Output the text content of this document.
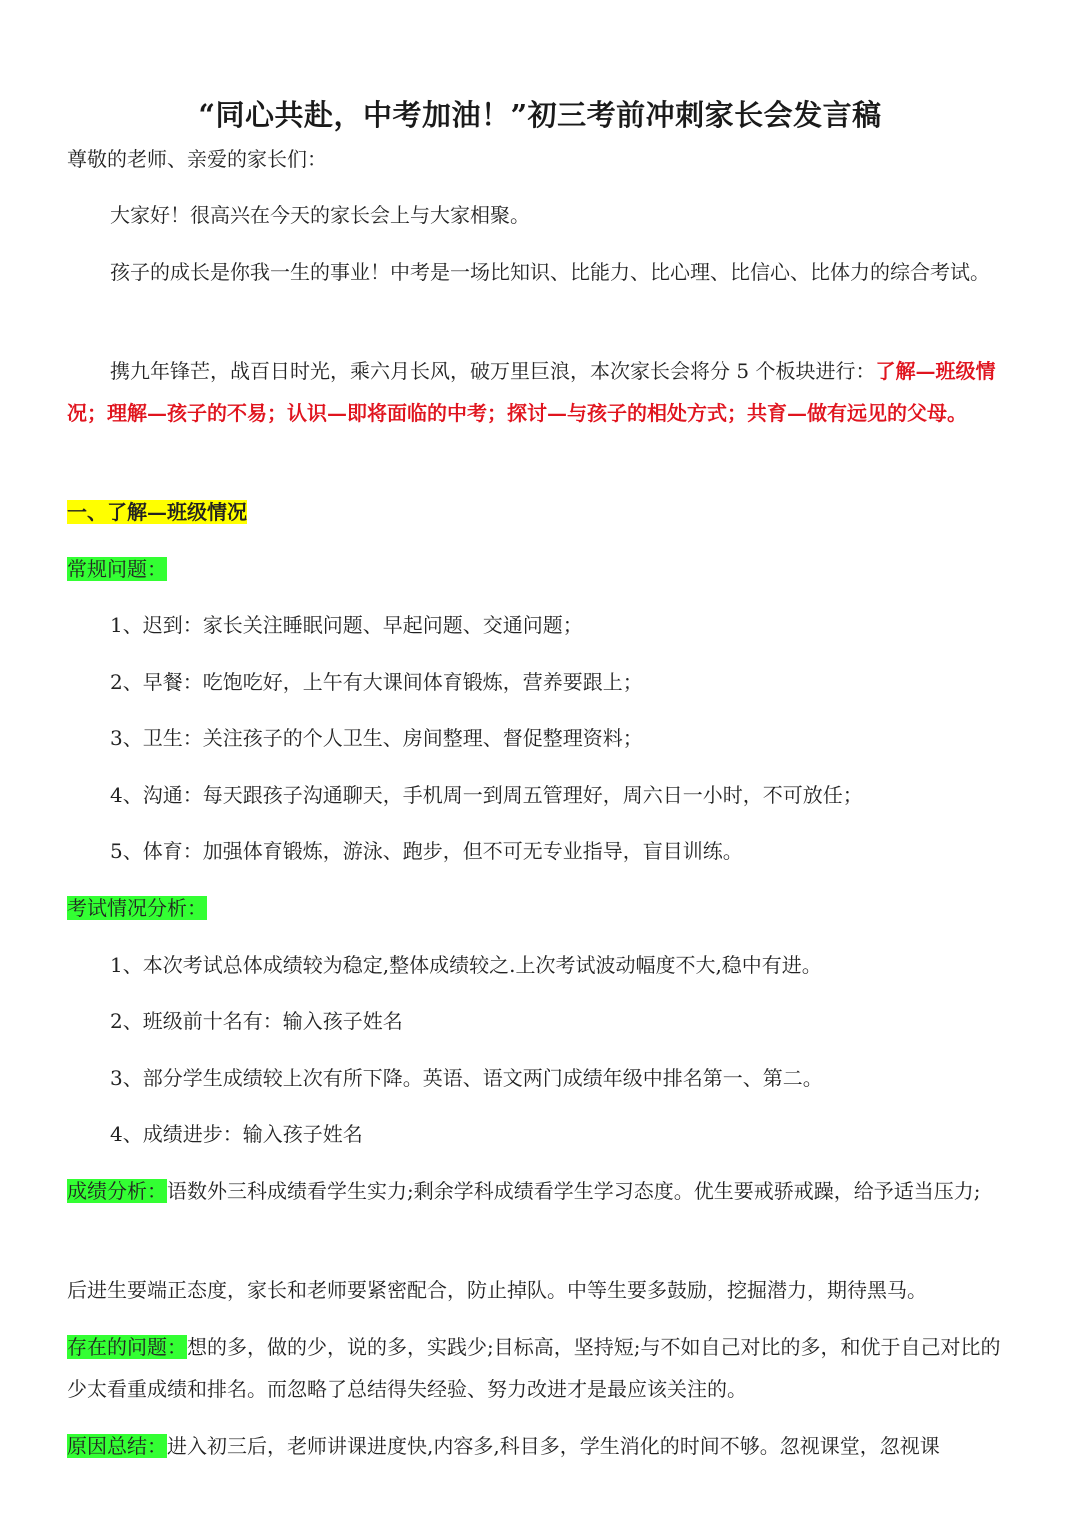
“同心共赴，中考加油！”初三考前冲刺家长会发言稿

尊敬的老师、亲爱的家长们：

大家好！很高兴在今天的家长会上与大家相聚。

孩子的成长是你我一生的事业！中考是一场比知识、比能力、比心理、比信心、比体力的综合考试。

携九年锋芒，战百日时光，乘六月长风，破万里巨浪，本次家长会将分 5 个板块进行：了解—班级情况；理解—孩子的不易；认识—即将面临的中考；探讨—与孩子的相处方式；共育—做有远见的父母。

一、了解—班级情况

常规问题：

1、迟到：家长关注睡眠问题、早起问题、交通问题；

2、早餐：吃饱吃好，上午有大课间体育锻炼，营养要跟上；

3、卫生：关注孩子的个人卫生、房间整理、督促整理资料；

4、沟通：每天跟孩子沟通聊天，手机周一到周五管理好，周六日一小时，不可放任；

5、体育：加强体育锻炼，游泳、跑步，但不可无专业指导，盲目训练。

考试情况分析：

1、本次考试总体成绩较为稳定,整体成绩较之.上次考试波动幅度不大,稳中有进。

2、班级前十名有：输入孩子姓名

3、部分学生成绩较上次有所下降。英语、语文两门成绩年级中排名第一、第二。

4、成绩进步：输入孩子姓名

成绩分析：语数外三科成绩看学生实力;剩余学科成绩看学生学习态度。优生要戒骄戒躁，给予适当压力;

后进生要端正态度，家长和老师要紧密配合，防止掉队。中等生要多鼓励，挖掘潜力，期待黑马。

存在的问题：想的多，做的少，说的多，实践少;目标高，坚持短;与不如自己对比的多，和优于自己对比的少太看重成绩和排名。而忽略了总结得失经验、努力改进才是最应该关注的。

原因总结：进入初三后，老师讲课进度快,内容多,科目多，学生消化的时间不够。忽视课堂，忽视课
